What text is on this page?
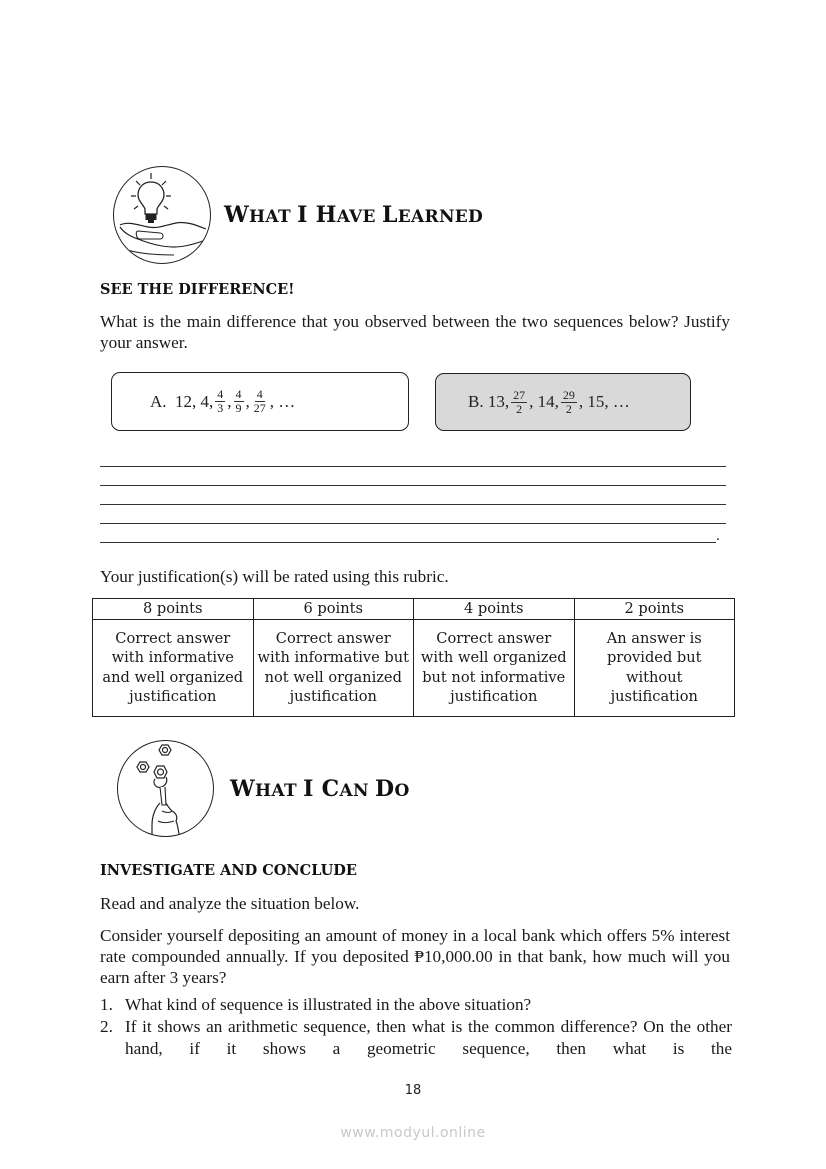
WHAT I HAVE LEARNED
SEE THE DIFFERENCE!
What is the main difference that you observed between the two sequences below? Justify your answer.
A.
12, 4, $\frac{4}{3}$ , $\frac{4}{9}$ , $\frac{4}{27}$ , …	B.
13, $\frac{27}{2}$ , 14, $\frac{29}{2}$ , 15, …
.
Your justification(s) will be rated using this rubric.
8 points	6 points	4 points	2 points
Correct answer with informative and well organized justification	Correct answer with informative but not well organized justification	Correct answer with well organized but not informative justification	An answer is provided but without justification
WHAT I CAN DO
INVESTIGATE AND CONCLUDE
Read and analyze the situation below.
Consider yourself depositing an amount of money in a local bank which offers 5% interest rate compounded annually. If you deposited ₱10,000.00 in that bank, how much will you earn after 3 years?
1. What kind of sequence is illustrated in the above situation?
2. If it shows an arithmetic sequence, then what is the common difference? On the other hand, if it shows a geometric sequence, then what is the
18
www.modyul.online
